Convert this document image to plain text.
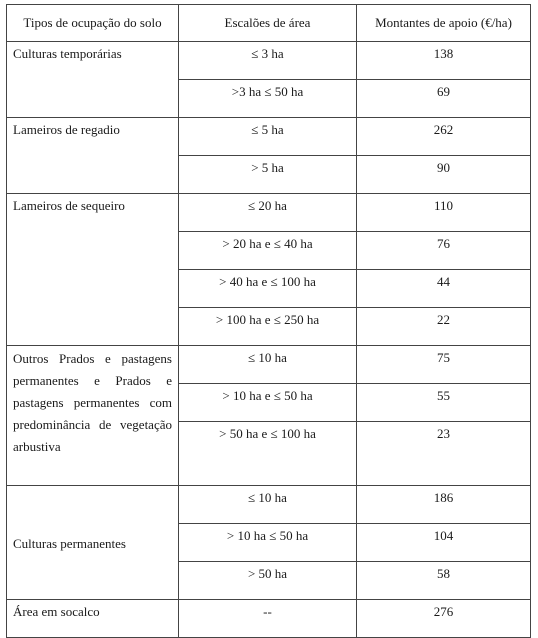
Tipos de ocupação do solo	Escalões de área	Montantes de apoio (€/ha)
Culturas temporárias	≤ 3 ha	138
	>3 ha ≤ 50 ha	69
Lameiros de regadio	≤ 5 ha	262
	> 5 ha	90
Lameiros de sequeiro	≤ 20 ha	110
	> 20 ha e ≤ 40 ha	76
	> 40 ha e ≤ 100 ha	44
	> 100 ha e ≤ 250 ha	22
Outros Prados e pastagens permanentes e Prados e pastagens permanentes com predominância de vegetação arbustiva	≤ 10 ha	75
	> 10 ha e ≤ 50 ha	55
	> 50 ha e ≤ 100 ha	23
Culturas permanentes	≤ 10 ha	186
	> 10 ha ≤ 50 ha	104
	> 50 ha	58
Área em socalco	--	276
